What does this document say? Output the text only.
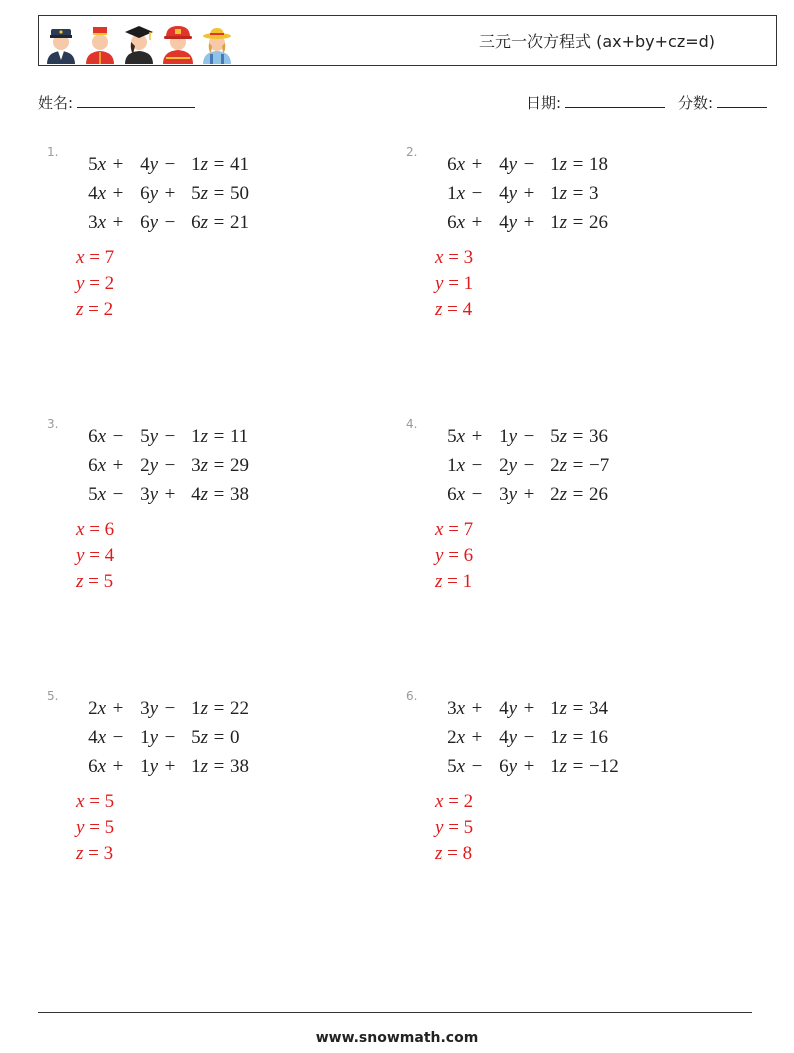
三元一次方程式 (ax+by+cz=d)
姓名:	日期:	分数:
1.
5 x + 4 y − 1 z = 41
4 x + 6 y + 5 z = 50
3 x + 6 y − 6 z = 21
x = 7
y = 2
z = 2
2.
6 x + 4 y − 1 z = 18
1 x − 4 y + 1 z = 3
6 x + 4 y + 1 z = 26
x = 3
y = 1
z = 4
3.
6 x − 5 y − 1 z = 11
6 x + 2 y − 3 z = 29
5 x − 3 y + 4 z = 38
x = 6
y = 4
z = 5
4.
5 x + 1 y − 5 z = 36
1 x − 2 y − 2 z = −7
6 x − 3 y + 2 z = 26
x = 7
y = 6
z = 1
5.
2 x + 3 y − 1 z = 22
4 x − 1 y − 5 z = 0
6 x + 1 y + 1 z = 38
x = 5
y = 5
z = 3
6.
3 x + 4 y + 1 z = 34
2 x + 4 y − 1 z = 16
5 x − 6 y + 1 z = −12
x = 2
y = 5
z = 8
www.snowmath.com
